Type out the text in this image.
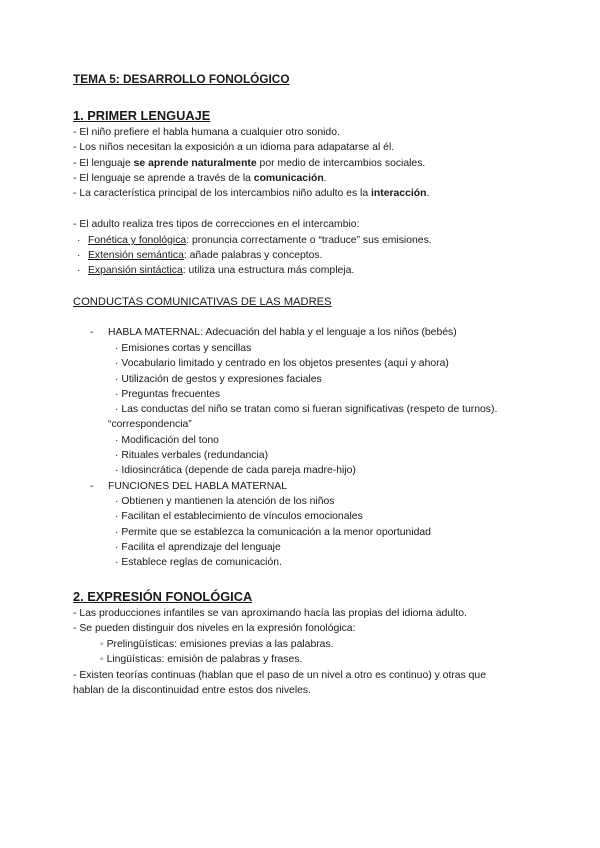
TEMA 5: DESARROLLO FONOLÓGICO
1. PRIMER LENGUAJE
- El niño prefiere el habla humana a cualquier otro sonido.
- Los niños necesitan la exposición a un idioma para adapatarse al él.
- El lenguaje se aprende naturalmente por medio de intercambios sociales.
- El lenguaje se aprende a través de la comunicación.
- La característica principal de los intercambios niño adulto es la interacción.
- El adulto realiza tres tipos de correcciones en el intercambio:
· Fonética y fonológica: pronuncia correctamente o “traduce” sus emisiones.
· Extensión semántica: añade palabras y conceptos.
· Expansión sintáctica: utiliza una estructura más compleja.
CONDUCTAS COMUNICATIVAS DE LAS MADRES
- HABLA MATERNAL: Adecuación del habla y el lenguaje a los niños (bebés)
· Emisiones cortas y sencillas
· Vocabulario limitado y centrado en los objetos presentes (aquí y ahora)
· Utilización de gestos y expresiones faciales
· Preguntas frecuentes
· Las conductas del niño se tratan como si fueran significativas (respeto de turnos).
“correspondencia”
· Modificación del tono
· Rituales verbales (redundancia)
· Idiosincrática (depende de cada pareja madre-hijo)
- FUNCIONES DEL HABLA MATERNAL
· Obtienen y mantienen la atención de los niños
· Facilitan el establecimiento de vínculos emocionales
· Permite que se establezca la comunicación a la menor oportunidad
· Facilita el aprendizaje del lenguaje
· Establece reglas de comunicación.
2. EXPRESIÓN FONOLÓGICA
- Las producciones infantiles se van aproximando hacía las propias del idioma adulto.
- Se pueden distinguir dos niveles en la expresión fonológica:
◦ Prelingüísticas: emisiones previas a las palabras.
◦ Lingüísticas: emisión de palabras y frases.
- Existen teorías continuas (hablan que el paso de un nivel a otro es continuo) y otras que
hablan de la discontinuidad entre estos dos niveles.
